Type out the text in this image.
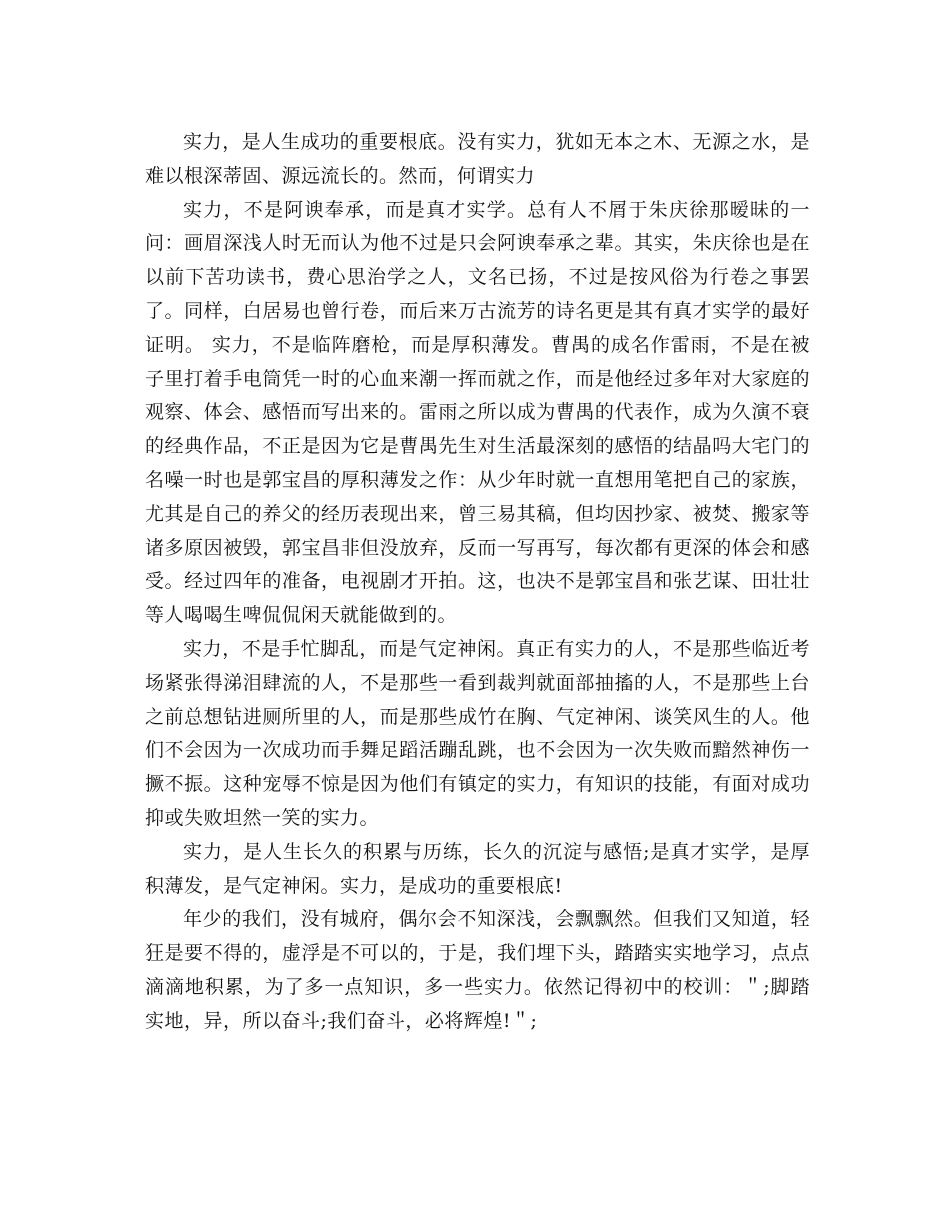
实力，是人生成功的重要根底。没有实力，犹如无本之木、无源之水，是难以根深蒂固、源远流长的。然而，何谓实力

实力，不是阿谀奉承，而是真才实学。总有人不屑于朱庆徐那暧昧的一问：画眉深浅人时无而认为他不过是只会阿谀奉承之辈。其实，朱庆徐也是在以前下苦功读书，费心思治学之人，文名已扬，不过是按风俗为行卷之事罢了。同样，白居易也曾行卷，而后来万古流芳的诗名更是其有真才实学的最好证明。 实力，不是临阵磨枪，而是厚积薄发。曹禺的成名作雷雨，不是在被子里打着手电筒凭一时的心血来潮一挥而就之作，而是他经过多年对大家庭的观察、体会、感悟而写出来的。雷雨之所以成为曹禺的代表作，成为久演不衰的经典作品，不正是因为它是曹禺先生对生活最深刻的感悟的结晶吗大宅门的名噪一时也是郭宝昌的厚积薄发之作：从少年时就一直想用笔把自己的家族，尤其是自己的养父的经历表现出来，曾三易其稿，但均因抄家、被焚、搬家等诸多原因被毁，郭宝昌非但没放弃，反而一写再写，每次都有更深的体会和感受。经过四年的准备，电视剧才开拍。这，也决不是郭宝昌和张艺谋、田壮壮等人喝喝生啤侃侃闲天就能做到的。

实力，不是手忙脚乱，而是气定神闲。真正有实力的人，不是那些临近考场紧张得涕泪肆流的人，不是那些一看到裁判就面部抽搐的人，不是那些上台之前总想钻进厕所里的人，而是那些成竹在胸、气定神闲、谈笑风生的人。他们不会因为一次成功而手舞足蹈活蹦乱跳，也不会因为一次失败而黯然神伤一撅不振。这种宠辱不惊是因为他们有镇定的实力，有知识的技能，有面对成功抑或失败坦然一笑的实力。

实力，是人生长久的积累与历练，长久的沉淀与感悟;是真才实学，是厚积薄发，是气定神闲。实力，是成功的重要根底!

年少的我们，没有城府，偶尔会不知深浅，会飘飘然。但我们又知道，轻狂是要不得的，虚浮是不可以的，于是，我们埋下头，踏踏实实地学习，点点滴滴地积累，为了多一点知识，多一些实力。依然记得初中的校训：＂;脚踏实地，异，所以奋斗;我们奋斗，必将辉煌!＂;
